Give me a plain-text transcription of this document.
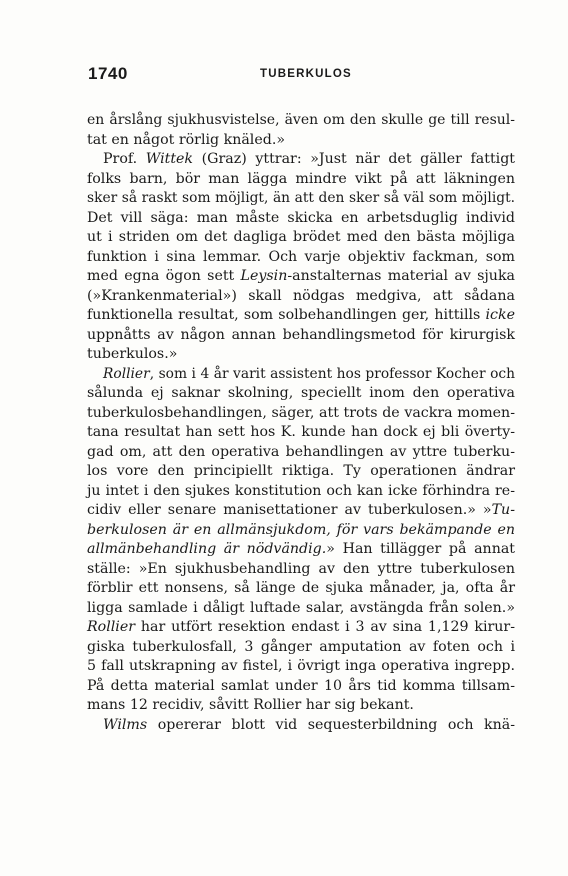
1740	TUBERKULOS
en årslång sjukhusvistelse, även om den skulle ge till resul-
tat en något rörlig knäled.»
Prof. Wittek (Graz) yttrar: »Just när det gäller fattigt
folks barn, bör man lägga mindre vikt på att läkningen
sker så raskt som möjligt, än att den sker så väl som möjligt.
Det vill säga: man måste skicka en arbetsduglig individ
ut i striden om det dagliga brödet med den bästa möjliga
funktion i sina lemmar. Och varje objektiv fackman, som
med egna ögon sett Leysin-anstalternas material av sjuka
(»Krankenmaterial») skall nödgas medgiva, att sådana
funktionella resultat, som solbehandlingen ger, hittills icke
uppnåtts av någon annan behandlingsmetod för kirurgisk
tuberkulos.»
Rollier, som i 4 år varit assistent hos professor Kocher och
sålunda ej saknar skolning, speciellt inom den operativa
tuberkulosbehandlingen, säger, att trots de vackra momen-
tana resultat han sett hos K. kunde han dock ej bli överty-
gad om, att den operativa behandlingen av yttre tuberku-
los vore den principiellt riktiga. Ty operationen ändrar
ju intet i den sjukes konstitution och kan icke förhindra re-
cidiv eller senare manisettationer av tuberkulosen.» »Tu-
berkulosen är en allmänsjukdom, för vars bekämpande en
allmänbehandling är nödvändig.» Han tillägger på annat
ställe: »En sjukhusbehandling av den yttre tuberkulosen
förblir ett nonsens, så länge de sjuka månader, ja, ofta år
ligga samlade i dåligt luftade salar, avstängda från solen.»
Rollier har utfört resektion endast i 3 av sina 1,129 kirur-
giska tuberkulosfall, 3 gånger amputation av foten och i
5 fall utskrapning av fistel, i övrigt inga operativa ingrepp.
På detta material samlat under 10 års tid komma tillsam-
mans 12 recidiv, såvitt Rollier har sig bekant.
Wilms opererar blott vid sequesterbildning och knä-
